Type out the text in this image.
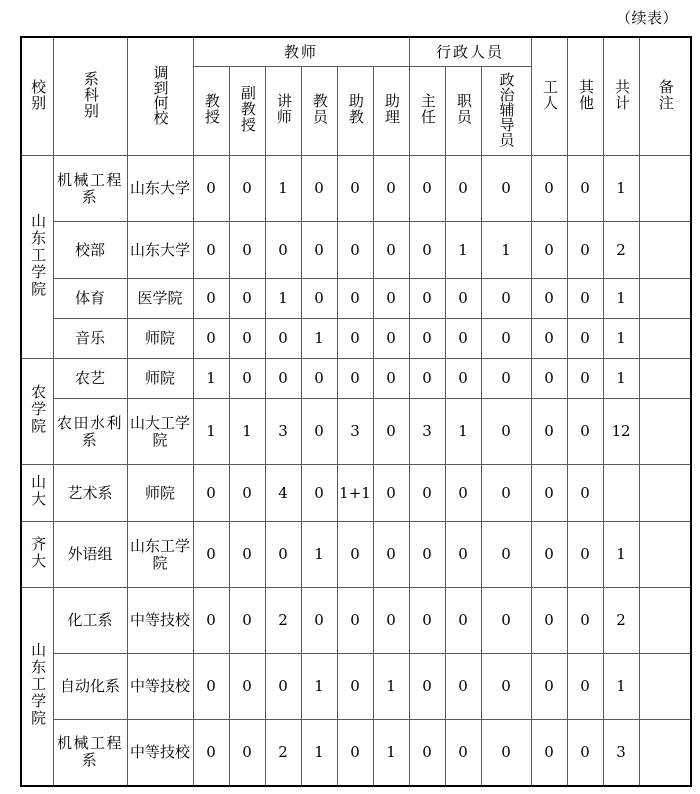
（续表）
校别	系科别	调到何校	教师						行政人员			工人	其他	共计	备注
			教授	副教授	讲师	教员	助教	助理	主任	职员	政治辅导员				
山东工学院	机械工程系	山东大学	0	0	1	0	0	0	0	0	0	0	0	1	
	校部	山东大学	0	0	0	0	0	0	0	1	1	0	0	2	
	体育	医学院	0	0	1	0	0	0	0	0	0	0	0	1	
	音乐	师院	0	0	0	1	0	0	0	0	0	0	0	1	
农学院	农艺	师院	1	0	0	0	0	0	0	0	0	0	0	1	
	农田水利系	山大工学院	1	1	3	0	3	0	3	1	0	0	0	12	
山大	艺术系	师院	0	0	4	0	1+1	0	0	0	0	0	0		
齐大	外语组	山东工学院	0	0	0	1	0	0	0	0	0	0	0	1	
山东工学院	化工系	中等技校	0	0	2	0	0	0	0	0	0	0	0	2	
	自动化系	中等技校	0	0	0	1	0	1	0	0	0	0	0	1	
	机械工程系	中等技校	0	0	2	1	0	1	0	0	0	0	0	3	
